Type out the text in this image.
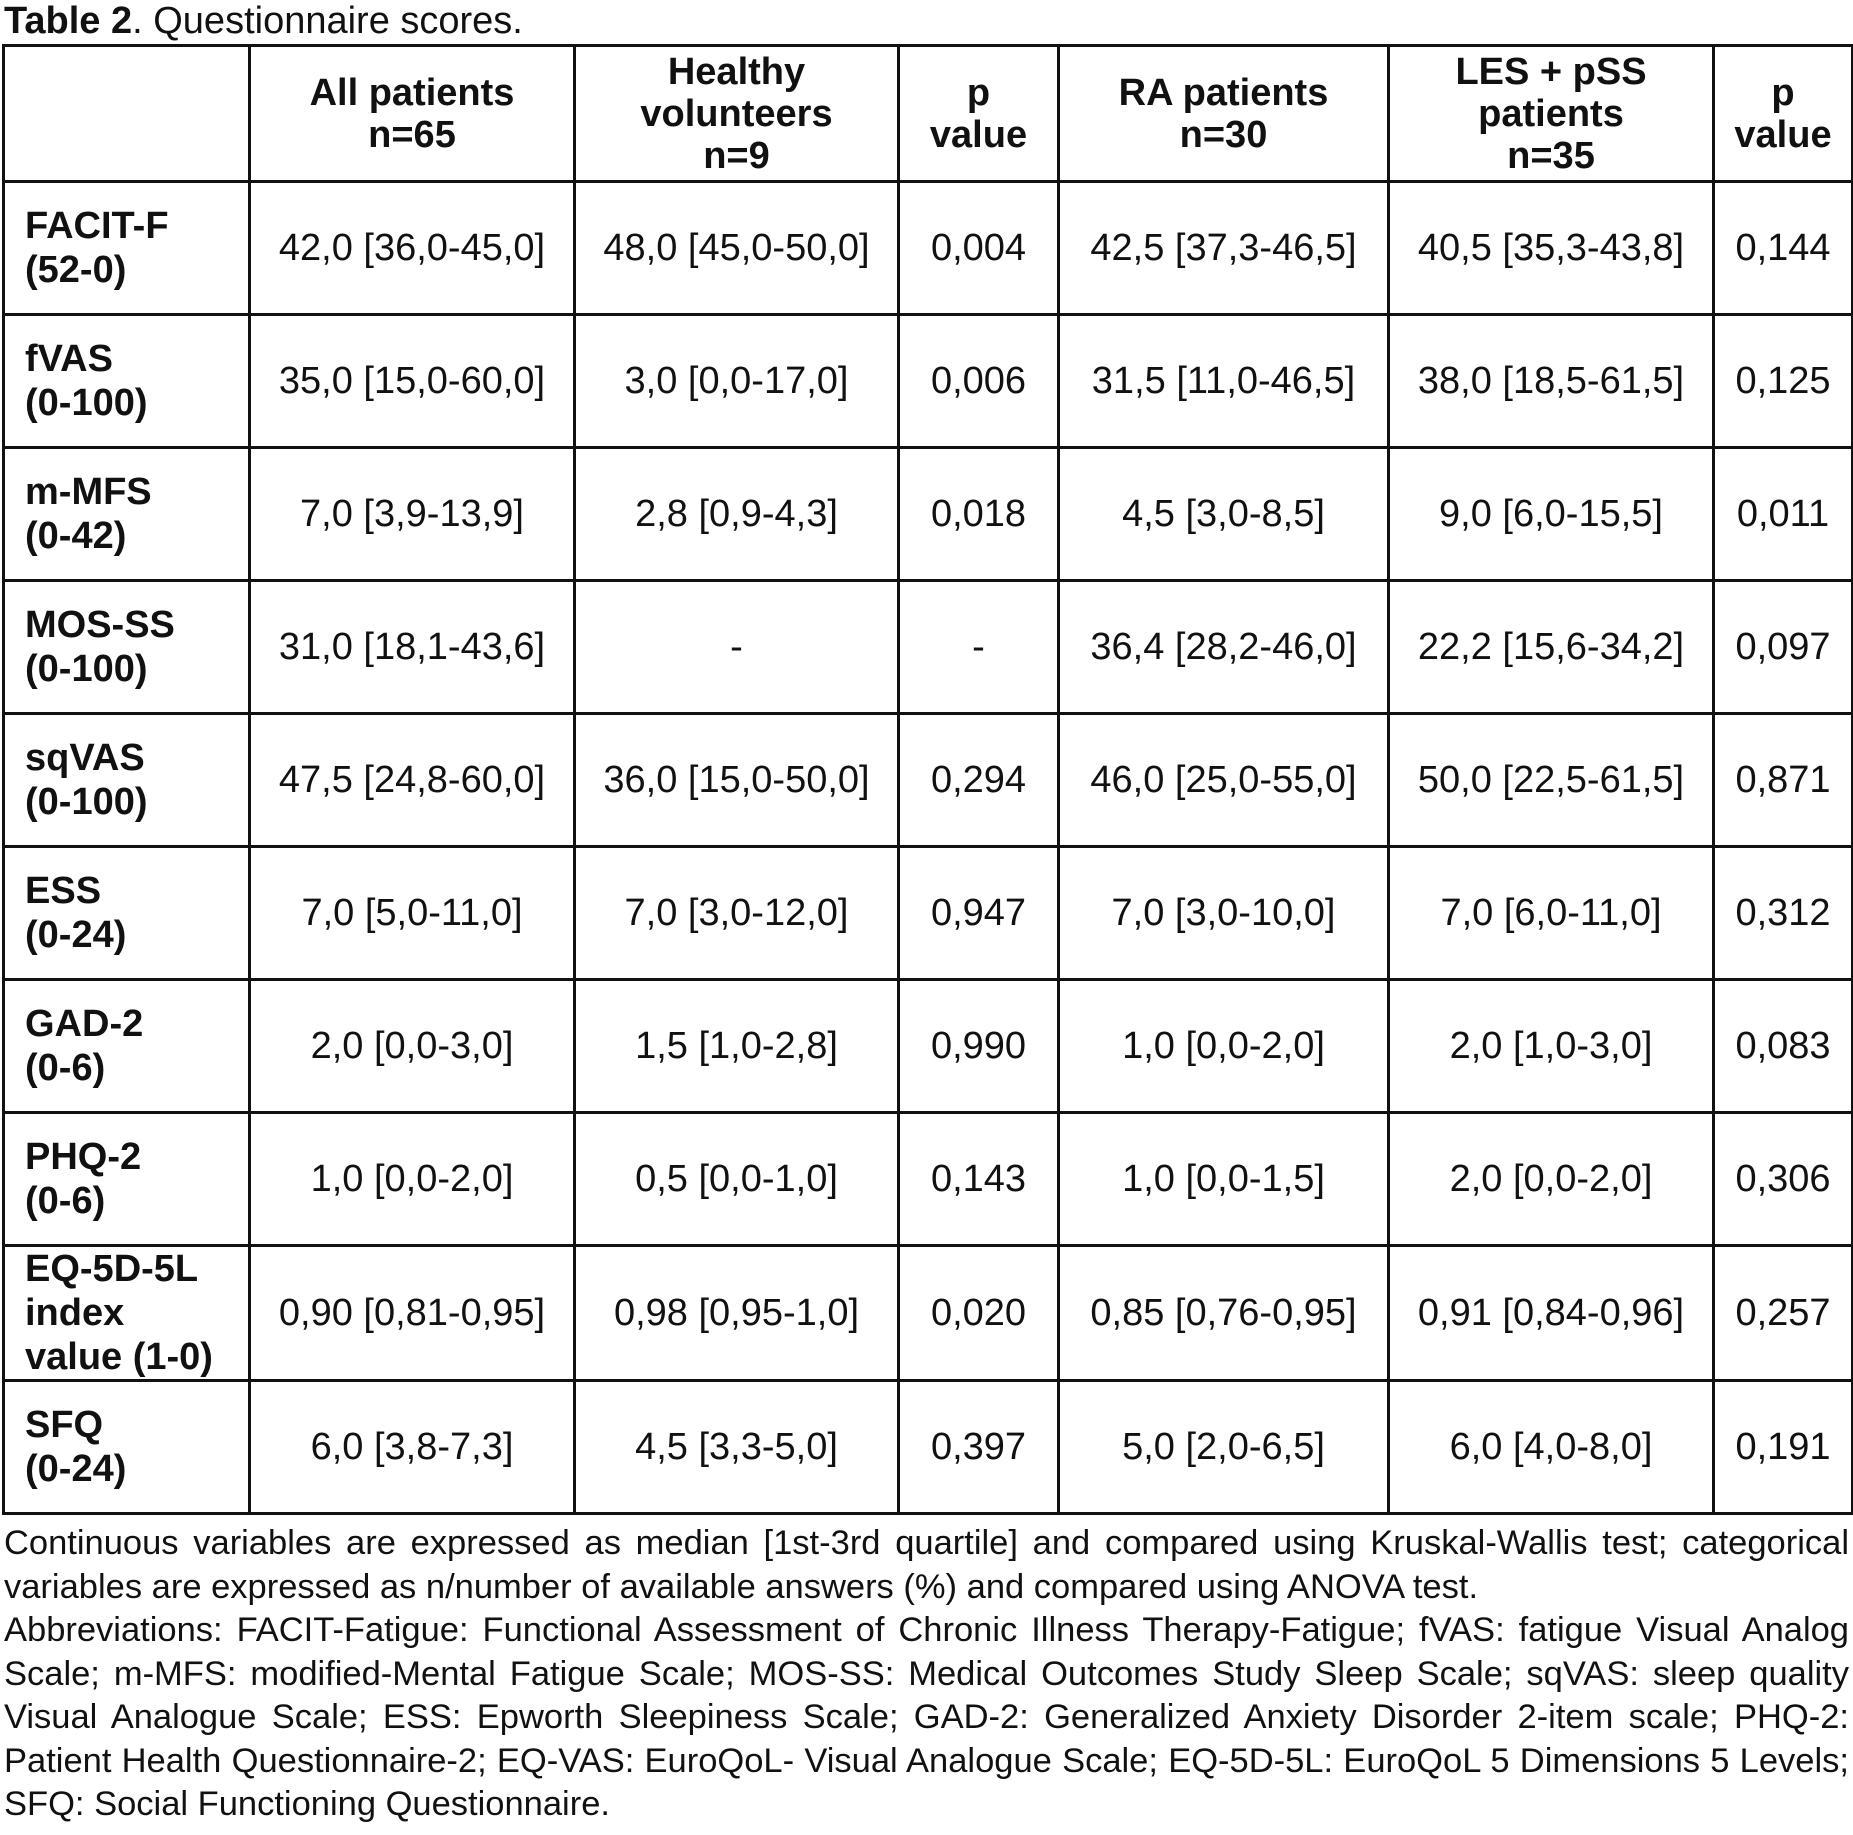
Table 2. Questionnaire scores.

	All patients
n=65	Healthy
volunteers
n=9	p
value	RA patients
n=30	LES + pSS
patients
n=35	p
value

FACIT-F
(52-0)	42,0 [36,0-45,0]	48,0 [45,0-50,0]	0,004	42,5 [37,3-46,5]	40,5 [35,3-43,8]	0,144

fVAS
(0-100)	35,0 [15,0-60,0]	3,0 [0,0-17,0]	0,006	31,5 [11,0-46,5]	38,0 [18,5-61,5]	0,125

m-MFS
(0-42)	7,0 [3,9-13,9]	2,8 [0,9-4,3]	0,018	4,5 [3,0-8,5]	9,0 [6,0-15,5]	0,011

MOS-SS
(0-100)	31,0 [18,1-43,6]	-	-	36,4 [28,2-46,0]	22,2 [15,6-34,2]	0,097

sqVAS
(0-100)	47,5 [24,8-60,0]	36,0 [15,0-50,0]	0,294	46,0 [25,0-55,0]	50,0 [22,5-61,5]	0,871

ESS
(0-24)	7,0 [5,0-11,0]	7,0 [3,0-12,0]	0,947	7,0 [3,0-10,0]	7,0 [6,0-11,0]	0,312

GAD-2
(0-6)	2,0 [0,0-3,0]	1,5 [1,0-2,8]	0,990	1,0 [0,0-2,0]	2,0 [1,0-3,0]	0,083

PHQ-2
(0-6)	1,0 [0,0-2,0]	0,5 [0,0-1,0]	0,143	1,0 [0,0-1,5]	2,0 [0,0-2,0]	0,306

EQ-5D-5L
index
value (1-0)	0,90 [0,81-0,95]	0,98 [0,95-1,0]	0,020	0,85 [0,76-0,95]	0,91 [0,84-0,96]	0,257

SFQ
(0-24)	6,0 [3,8-7,3]	4,5 [3,3-5,0]	0,397	5,0 [2,0-6,5]	6,0 [4,0-8,0]	0,191

Continuous variables are expressed as median [1st-3rd quartile] and compared using Kruskal-Wallis test; categorical variables are expressed as n/number of available answers (%) and compared using ANOVA test.

Abbreviations: FACIT-Fatigue: Functional Assessment of Chronic Illness Therapy-Fatigue; fVAS: fatigue Visual Analog Scale; m-MFS: modified-Mental Fatigue Scale; MOS-SS: Medical Outcomes Study Sleep Scale; sqVAS: sleep quality Visual Analogue Scale; ESS: Epworth Sleepiness Scale; GAD-2: Generalized Anxiety Disorder 2-item scale; PHQ-2: Patient Health Questionnaire-2; EQ-VAS: EuroQoL- Visual Analogue Scale; EQ-5D-5L: EuroQoL 5 Dimensions 5 Levels; SFQ: Social Functioning Questionnaire.
